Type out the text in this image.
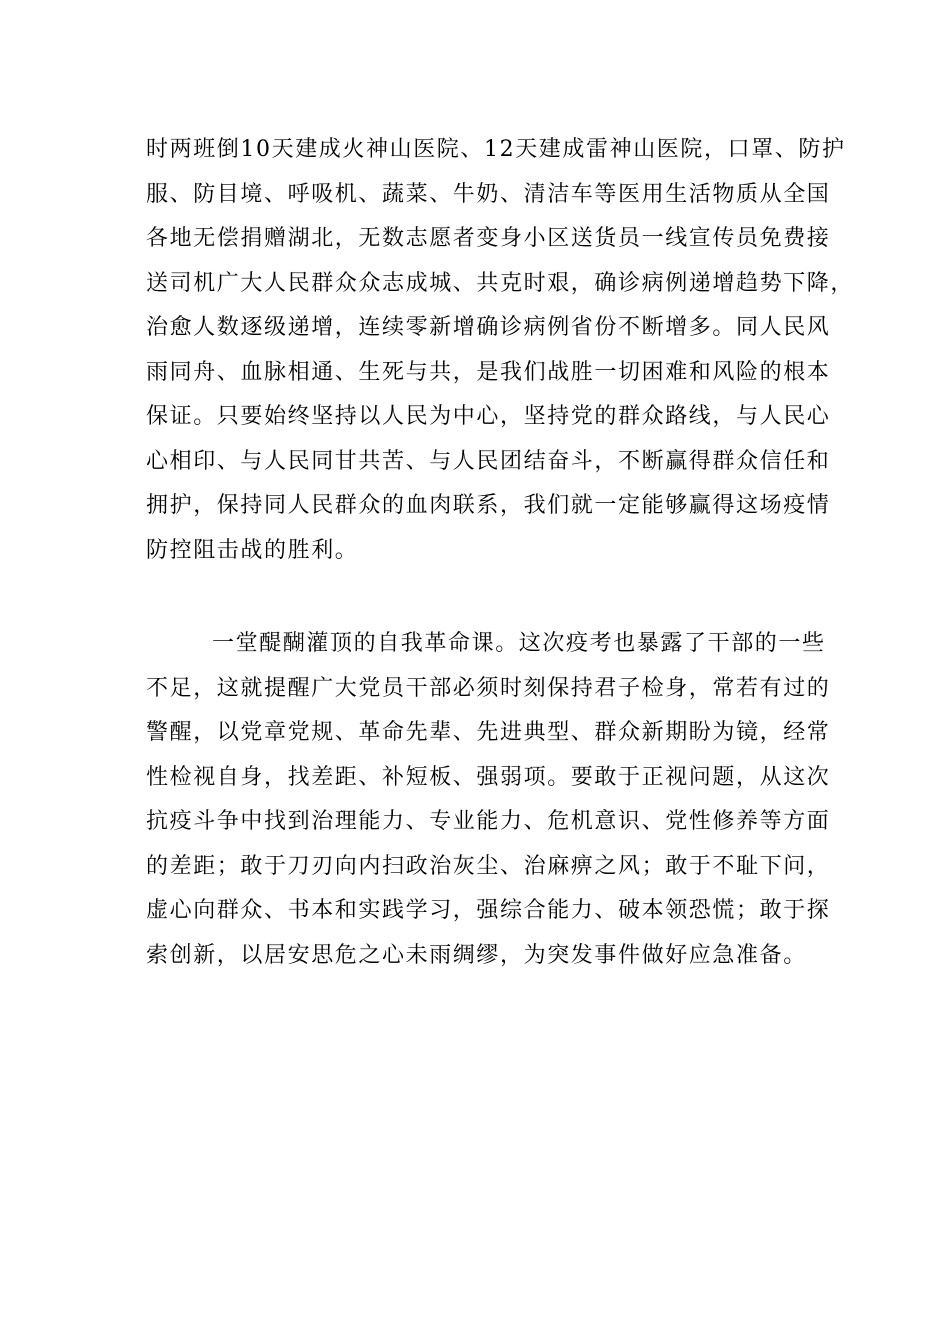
时两班倒10天建成火神山医院、12天建成雷神山医院，口罩、防护
服、防目境、呼吸机、蔬菜、牛奶、清洁车等医用生活物质从全国
各地无偿捐赠湖北，无数志愿者变身小区送货员一线宣传员免费接
送司机广大人民群众众志成城、共克时艰，确诊病例递增趋势下降，
治愈人数逐级递增，连续零新增确诊病例省份不断增多。同人民风
雨同舟、血脉相通、生死与共，是我们战胜一切困难和风险的根本
保证。只要始终坚持以人民为中心，坚持党的群众路线，与人民心
心相印、与人民同甘共苦、与人民团结奋斗，不断赢得群众信任和
拥护，保持同人民群众的血肉联系，我们就一定能够赢得这场疫情
防控阻击战的胜利。
一堂醍醐灌顶的自我革命课。这次疫考也暴露了干部的一些
不足，这就提醒广大党员干部必须时刻保持君子检身，常若有过的
警醒，以党章党规、革命先辈、先进典型、群众新期盼为镜，经常
性检视自身，找差距、补短板、强弱项。要敢于正视问题，从这次
抗疫斗争中找到治理能力、专业能力、危机意识、党性修养等方面
的差距；敢于刀刃向内扫政治灰尘、治麻痹之风；敢于不耻下问，
虚心向群众、书本和实践学习，强综合能力、破本领恐慌；敢于探
索创新，以居安思危之心未雨绸缪，为突发事件做好应急准备。
